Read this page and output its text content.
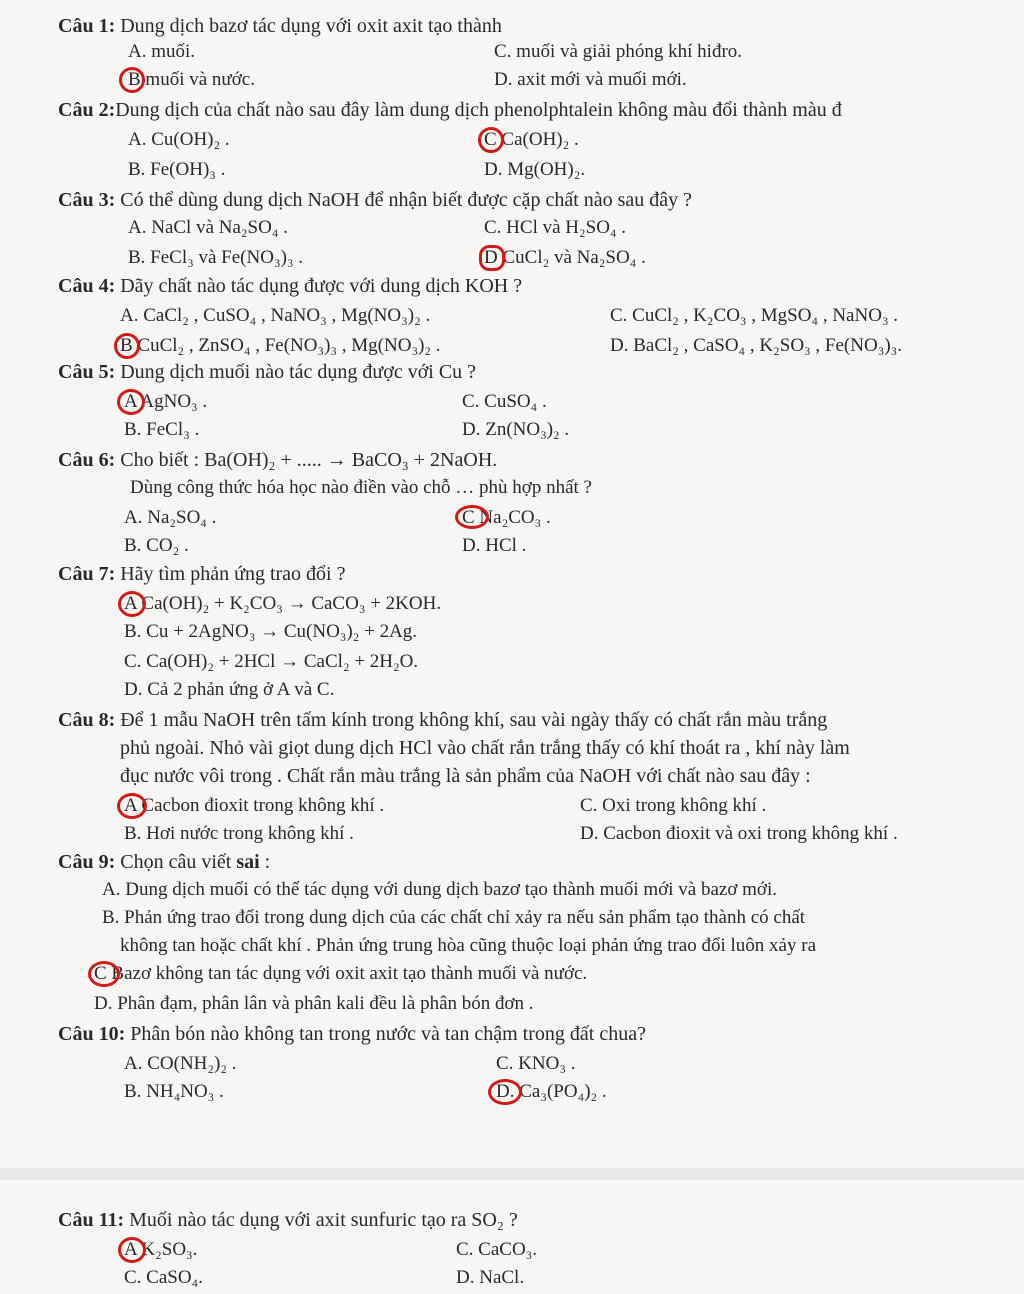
Câu 1: Dung dịch bazơ tác dụng với oxit axit tạo thành
A. muối.	C. muối và giải phóng khí hiđro.
B muối và nước.	D. axit mới và muối mới.
Câu 2:Dung dịch của chất nào sau đây làm dung dịch phenolphtalein không màu đổi thành màu đ
A. Cu(OH)₂ .	C Ca(OH)₂ .
B. Fe(OH)₃ .	D. Mg(OH)₂.
Câu 3: Có thể dùng dung dịch NaOH để nhận biết được cặp chất nào sau đây ?
A. NaCl và Na₂SO₄ .	C. HCl và H₂SO₄ .
B. FeCl₃ và Fe(NO₃)₃ .	D CuCl₂ và Na₂SO₄ .
Câu 4: Dãy chất nào tác dụng được với dung dịch KOH ?
A. CaCl₂ , CuSO₄ , NaNO₃ , Mg(NO₃)₂ .	C. CuCl₂ , K₂CO₃ , MgSO₄ , NaNO₃ .
B CuCl₂ , ZnSO₄ , Fe(NO₃)₃ , Mg(NO₃)₂ .	D. BaCl₂ , CaSO₄ , K₂SO₃ , Fe(NO₃)₃.
Câu 5: Dung dịch muối nào tác dụng được với Cu ?
A AgNO₃ .	C. CuSO₄ .
B. FeCl₃ .	D. Zn(NO₃)₂ .
Câu 6: Cho biết : Ba(OH)₂ + ..... → BaCO₃ + 2NaOH.
Dùng công thức hóa học nào điền vào chỗ … phù hợp nhất ?
A. Na₂SO₄ .	C Na₂CO₃ .
B. CO₂ .	D. HCl .
Câu 7: Hãy tìm phản ứng trao đổi ?
A Ca(OH)₂ + K₂CO₃ → CaCO₃ + 2KOH.
B. Cu + 2AgNO₃ → Cu(NO₃)₂ + 2Ag.
C. Ca(OH)₂ + 2HCl → CaCl₂ + 2H₂O.
D. Cả 2 phản ứng ở A và C.
Câu 8: Để 1 mẫu NaOH trên tấm kính trong không khí, sau vài ngày thấy có chất rắn màu trắng
phủ ngoài. Nhỏ vài giọt dung dịch HCl vào chất rắn trắng thấy có khí thoát ra , khí này làm
đục nước vôi trong . Chất rắn màu trắng là sản phẩm của NaOH với chất nào sau đây :
A Cacbon đioxit trong không khí .	C. Oxi trong không khí .
B. Hơi nước trong không khí .	D. Cacbon đioxit và oxi trong không khí .
Câu 9: Chọn câu viết sai :
A. Dung dịch muối có thể tác dụng với dung dịch bazơ tạo thành muối mới và bazơ mới.
B. Phản ứng trao đổi trong dung dịch của các chất chỉ xảy ra nếu sản phẩm tạo thành có chất
không tan hoặc chất khí . Phản ứng trung hòa cũng thuộc loại phản ứng trao đổi luôn xảy ra
C Bazơ không tan tác dụng với oxit axit tạo thành muối và nước.
D. Phân đạm, phân lân và phân kali đều là phân bón đơn .
Câu 10: Phân bón nào không tan trong nước và tan chậm trong đất chua?
A. CO(NH₂)₂ .	C. KNO₃ .
B. NH₄NO₃ .	D. Ca₃(PO₄)₂ .
Câu 11: Muối nào tác dụng với axit sunfuric tạo ra SO₂ ?
A K₂SO₃.	C. CaCO₃.
C. CaSO₄.	D. NaCl.
